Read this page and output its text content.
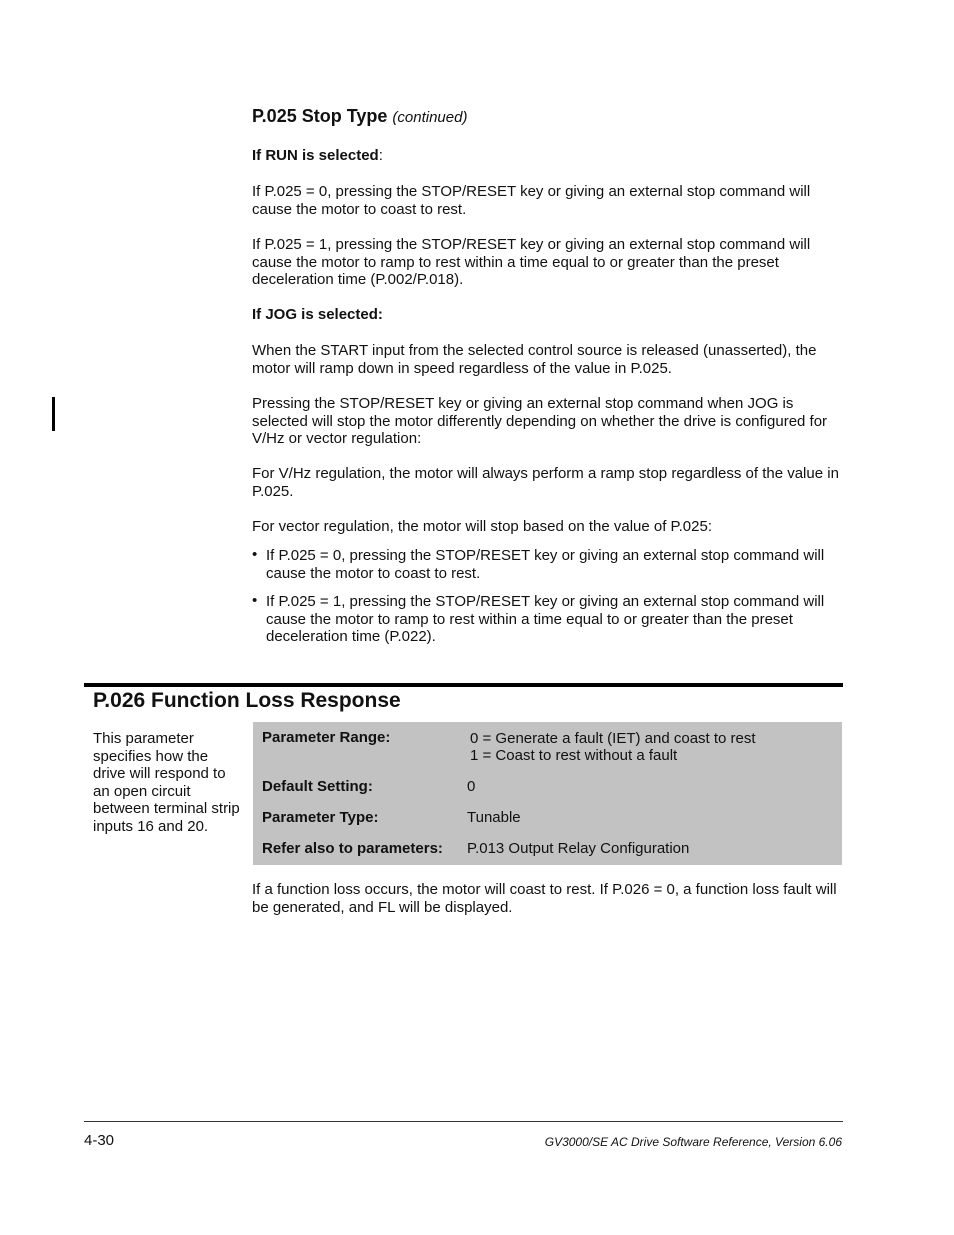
P.025 Stop Type (continued)
If RUN is selected:
If P.025 = 0, pressing the STOP/RESET key or giving an external stop command will cause the motor to coast to rest.
If P.025 = 1, pressing the STOP/RESET key or giving an external stop command will cause the motor to ramp to rest within a time equal to or greater than the preset deceleration time (P.002/P.018).
If JOG is selected:
When the START input from the selected control source is released (unasserted), the motor will ramp down in speed regardless of the value in P.025.
Pressing the STOP/RESET key or giving an external stop command when JOG is selected will stop the motor differently depending on whether the drive is configured for V/Hz or vector regulation:
For V/Hz regulation, the motor will always perform a ramp stop regardless of the value in P.025.
For vector regulation, the motor will stop based on the value of P.025:
• If P.025 = 0, pressing the STOP/RESET key or giving an external stop command will cause the motor to coast to rest.
• If P.025 = 1, pressing the STOP/RESET key or giving an external stop command will cause the motor to ramp to rest within a time equal to or greater than the preset deceleration time (P.022).
P.026 Function Loss Response
This parameter specifies how the drive will respond to an open circuit between terminal strip inputs 16 and 20.
Parameter Range:	0 = Generate a fault (IET) and coast to rest
1 = Coast to rest without a fault
Default Setting:	0
Parameter Type:	Tunable
Refer also to parameters: P.013 Output Relay Configuration
If a function loss occurs, the motor will coast to rest. If P.026 = 0, a function loss fault will be generated, and FL will be displayed.
4-30	GV3000/SE AC Drive Software Reference, Version 6.06
